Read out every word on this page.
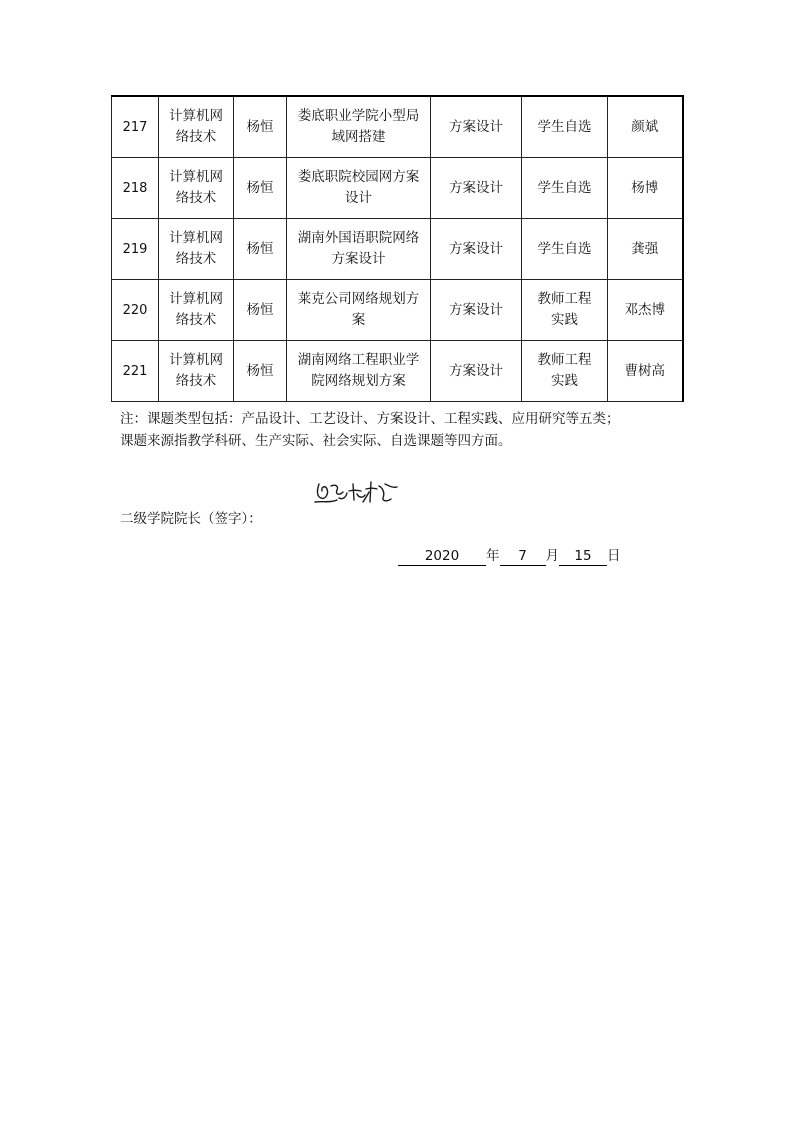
217	计算机网络技术	杨恒	娄底职业学院小型局域网搭建	方案设计	学生自选	颜斌
218	计算机网络技术	杨恒	娄底职院校园网方案设计	方案设计	学生自选	杨博
219	计算机网络技术	杨恒	湖南外国语职院网络方案设计	方案设计	学生自选	龚强
220	计算机网络技术	杨恒	莱克公司网络规划方案	方案设计	教师工程实践	邓杰博
221	计算机网络技术	杨恒	湖南网络工程职业学院网络规划方案	方案设计	教师工程实践	曹树高

注：课题类型包括：产品设计、工艺设计、方案设计、工程实践、应用研究等五类；

课题来源指教学科研、生产实际、社会实际、自选课题等四方面。

二级学院院长（签字）：
2020 年 7 月 15 日
